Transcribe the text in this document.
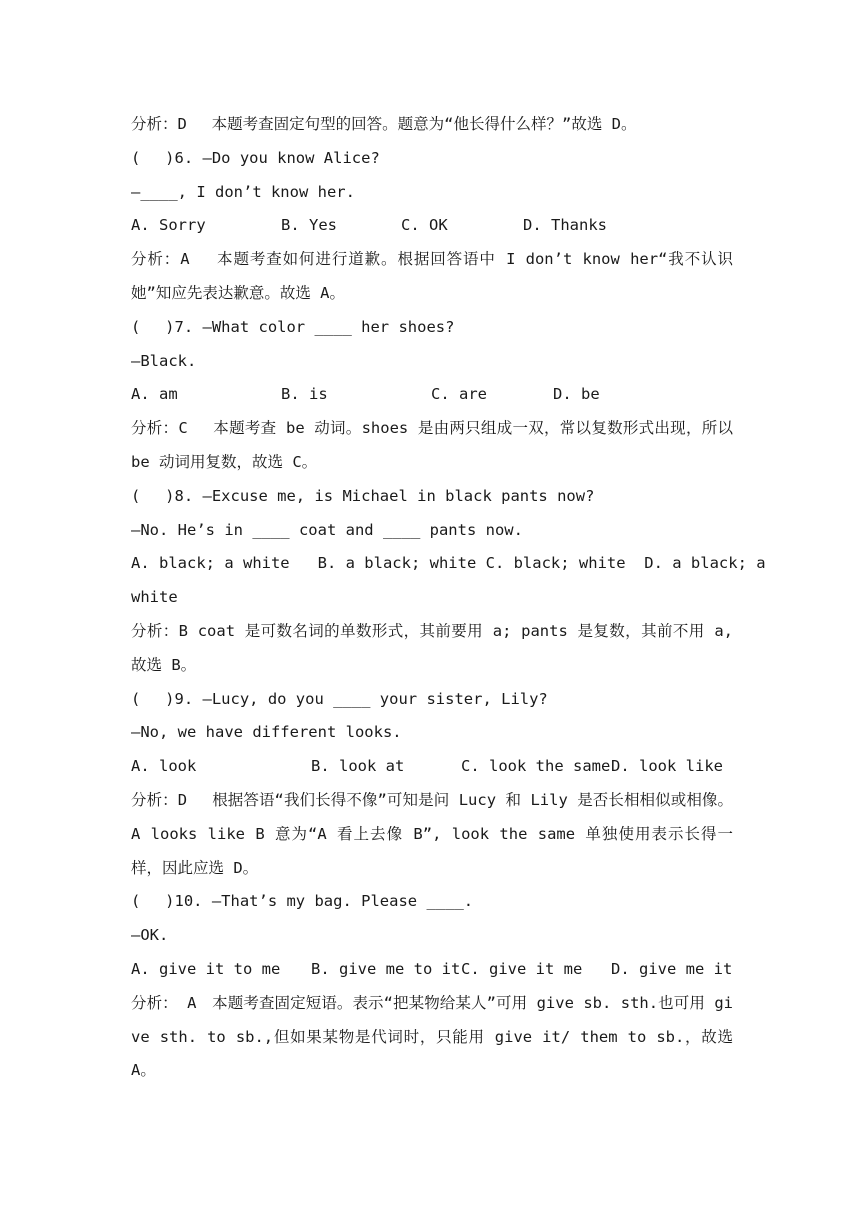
分析：D　 本题考查固定句型的回答。题意为“他长得什么样？”故选 D。
(　 )6. —Do you know Alice?
—____, I don’t know her.
A. Sorry	B. Yes	C. OK	D. Thanks
分析：A　 本题考查如何进行道歉。根据回答语中 I don’t know her“我不认识她”知应先表达歉意。故选 A。
(　 )7. —What color ____ her shoes?
—Black.
A. am	B. is	C. are	D. be
分析：C　 本题考查 be 动词。shoes 是由两只组成一双，常以复数形式出现，所以 be 动词用复数，故选 C。
(　 )8. —Excuse me, is Michael in black pants now?
—No. He’s in ____ coat and ____ pants now.
A. black; a white   B. a black; white C. black; white  D. a black; a
white
分析：B coat 是可数名词的单数形式，其前要用 a; pants 是复数，其前不用 a, 故选 B。
(　 )9. —Lucy, do you ____ your sister, Lily?
—No, we have different looks.
A. look	B. look at	C. look the same D. look like
分析：D　 根据答语“我们长得不像”可知是问 Lucy 和 Lily 是否长相相似或相像。 A looks like B 意为“A 看上去像 B”, look the same 单独使用表示长得一样，因此应选 D。
(　 )10. —That’s my bag. Please ____.
—OK.
A. give it to me	B. give me to it C. give it me	D. give me it
分析： A　本题考查固定短语。表示“把某物给某人”可用 give sb. sth.也可用 give sth. to sb.,但如果某物是代词时，只能用 give it/ them to sb.，故选 A。
